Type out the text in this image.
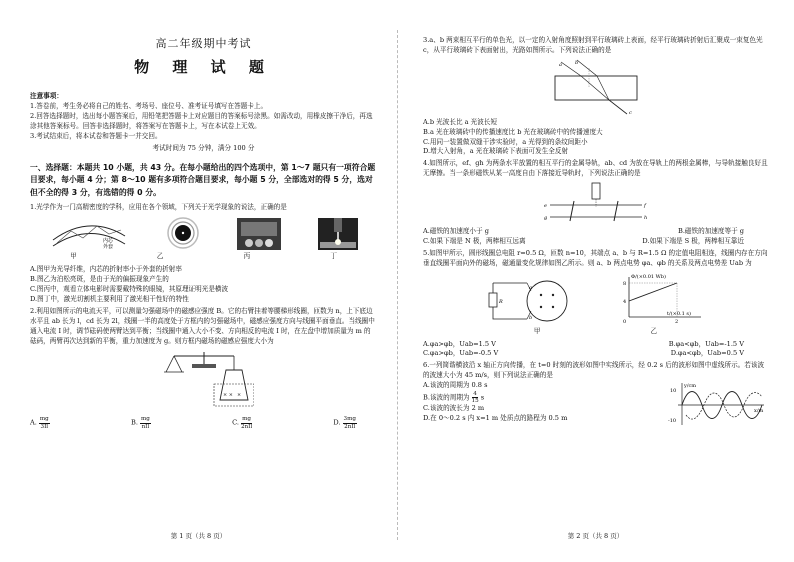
高二年级期中考试
物 理 试 题
注意事项：
1.答卷前，考生务必将自己的姓名、考场号、座位号、准考证号填写在答题卡上。
2.回答选择题时，选出每小题答案后，用铅笔把答题卡上对应题目的答案标号涂黑。如需改动，用橡皮擦干净后，再选涂其他答案标号。回答非选择题时，将答案写在答题卡上，写在本试卷上无效。
3.考试结束后，将本试卷和答题卡一并交回。
考试时间为 75 分钟，满分 100 分
一、选择题：本题共 10 小题，共 43 分。在每小题给出的四个选项中，第 1～7 题只有一项符合题目要求，每小题 4 分；第 8～10 题有多项符合题目要求，每小题 5 分，全部选对的得 5 分，选对但不全的得 3 分，有选错的得 0 分。
1.光学作为一门高精密度的学科，应用在各个领域，下列关于光学现象的说法，正确的是
内芯
外套
甲	乙	丙	丁
A.图甲为光导纤维，内芯的折射率小于外套的折射率
B.图乙为泊松亮斑，是由于光的偏振现象产生的
C.图丙中，观看立体电影时需要戴特殊的眼镜，其原理证明光是横波
D.图丁中，激光切割机主要利用了激光相干性好的特性
2.利用如图所示的电流天平，可以测量匀强磁场中的磁感应强度 B。它的右臂挂着等腰梯形线圈，匝数为 n，上下底边水平且 ab 长为 l，cd 长为 2l，线圈一半的高度处于方框内的匀强磁场中，磁感应强度方向与线圈平面垂直。当线圈中通入电流 I 时，调节砝码使两臂达到平衡；当线圈中通入大小不变、方向相反的电流 I 时，在左盘中增加质量为 m 的砝码，两臂再次达到新的平衡，重力加速度为 g。则方框内磁场的磁感应强度大小为
× × ×
A. $\frac{mg}{3Il}$	B. $\frac{mg}{\text{nIl}}$	C. $\frac{mg}{\text{2nIl}}$	D. $\frac{3mg}{\text{2nIl}}$
第 1 页（共 8 页）
3.a、b 两束相互平行的单色光，以一定的入射角度照射到平行玻璃砖上表面，经平行玻璃砖折射后汇聚成一束复色光 c，从平行玻璃砖下表面射出，光路如图所示。下列说法正确的是
a	b
c
A.b 光波长比 a 光波长短
B.a 光在玻璃砖中的传播速度比 b 光在玻璃砖中的传播速度大
C.用同一装置做双缝干涉实验时，a 光得到的条纹间距小
D.增大入射角，a 光在玻璃砖下表面可发生全反射
4.如图所示，ef、gh 为两条水平放置的相互平行的金属导轨，ab、cd 为放在导轨上的两根金属棒，与导轨接触良好且无摩擦。当一条形磁铁从某一高度自由下落接近导轨时，下列说法正确的是
e	f
g	h
A.磁铁的加速度小于 g	B.磁铁的加速度等于 g
C.如果下端是 N 极，两棒相互远离	D.如果下端是 S 极，两棒相互靠近
5.如图甲所示，圆形线圈总电阻 r=0.5 Ω，匝数 n=10，其端点 a、b 与 R=1.5 Ω 的定值电阻相连，线圈内存在方向垂直线圈平面向外的磁场，磁通量变化规律如图乙所示。则 a、b 两点电势 φa、φb 的关系及两点电势差 Uab 为
R
a
b
8
4
0	2
Φ/(×0.01 Wb)
t/(×0.1 s)
甲	乙
A.φa>φb，Uab=1.5 V	B.φa<φb，Uab=-1.5 V
C.φa>φb，Uab=-0.5 V	D.φa<φb，Uab=0.5 V
6.一列简谐横波沿 x 轴正方向传播，在 t=0 时刻的波形如图中实线所示，经 0.2 s 后的波形如图中虚线所示。若该波的波速大小为 45 m/s，则下列说法正确的是
A.该波的周期为 0.8 s
B.该波的周期为 $\frac{4}{15}$ s
C.该波的波长为 2 m
D.在 0～0.2 s 内 x=1 m 处质点的路程为 0.5 m
y/cm
x/m
10
-10
第 2 页（共 8 页）
